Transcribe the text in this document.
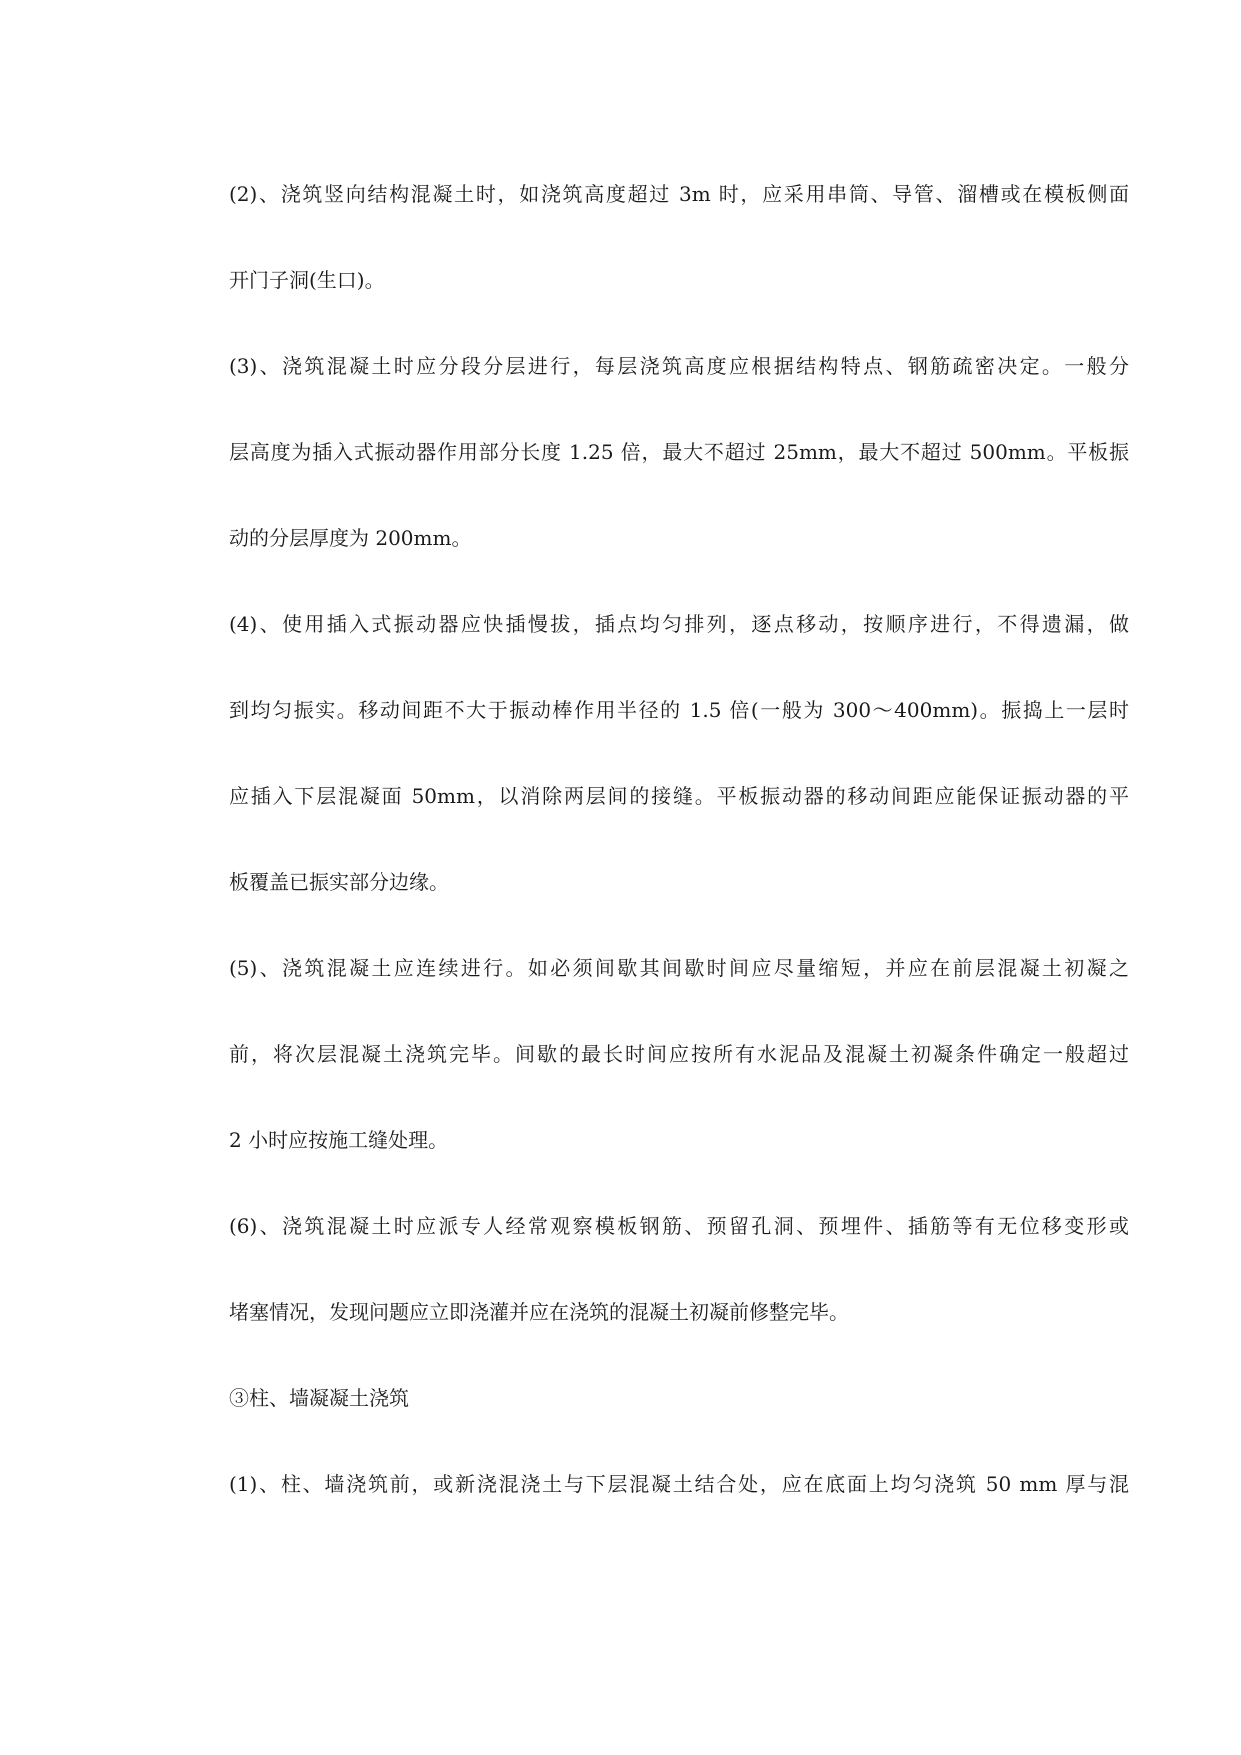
(2)、浇筑竖向结构混凝土时，如浇筑高度超过 3m 时，应采用串筒、导管、溜槽或在模板侧面
开门子洞(生口)。
(3)、浇筑混凝土时应分段分层进行，每层浇筑高度应根据结构特点、钢筋疏密决定。一般分
层高度为插入式振动器作用部分长度 1.25 倍，最大不超过 25mm，最大不超过 500mm。平板振
动的分层厚度为 200mm。
(4)、使用插入式振动器应快插慢拔，插点均匀排列，逐点移动，按顺序进行，不得遗漏，做
到均匀振实。移动间距不大于振动棒作用半径的 1.5 倍(一般为 300～400mm)。振捣上一层时
应插入下层混凝面 50mm，以消除两层间的接缝。平板振动器的移动间距应能保证振动器的平
板覆盖已振实部分边缘。
(5)、浇筑混凝土应连续进行。如必须间歇其间歇时间应尽量缩短，并应在前层混凝土初凝之
前，将次层混凝土浇筑完毕。间歇的最长时间应按所有水泥品及混凝土初凝条件确定一般超过
2 小时应按施工缝处理。
(6)、浇筑混凝土时应派专人经常观察模板钢筋、预留孔洞、预埋件、插筋等有无位移变形或
堵塞情况，发现问题应立即浇灌并应在浇筑的混凝土初凝前修整完毕。
③柱、墙凝凝土浇筑
(1)、柱、墙浇筑前，或新浇混浇土与下层混凝土结合处，应在底面上均匀浇筑 50 mm 厚与混
